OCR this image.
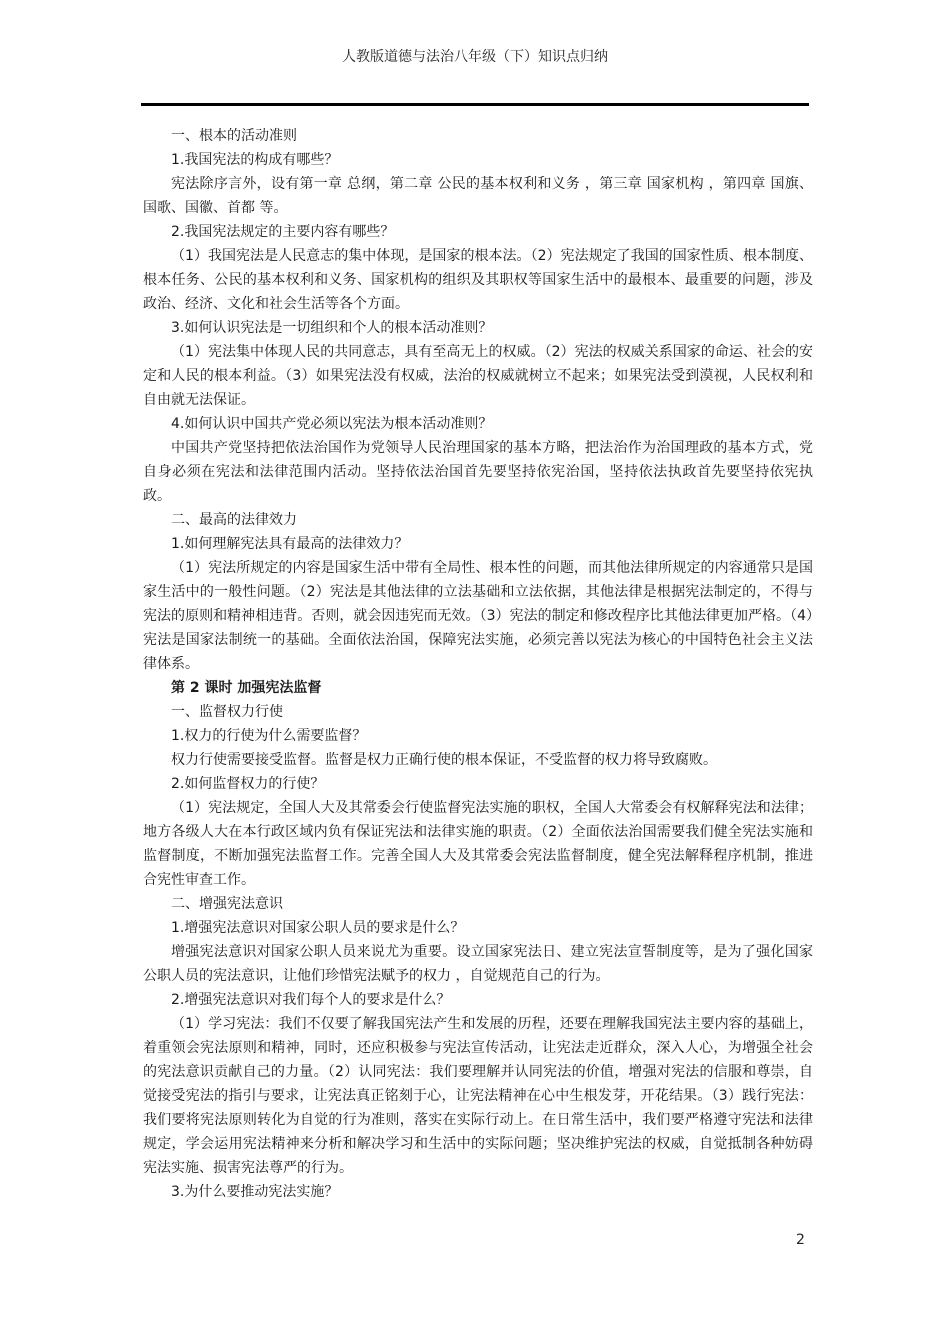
人教版道德与法治八年级（下）知识点归纳

一、根本的活动准则

1.我国宪法的构成有哪些？

宪法除序言外，设有第一章 总纲，第二章 公民的基本权利和义务 ，第三章 国家机构 ，第四章 国旗、国歌、国徽、首都 等。

2.我国宪法规定的主要内容有哪些？

（1）我国宪法是人民意志的集中体现，是国家的根本法。（2）宪法规定了我国的国家性质、根本制度、根本任务、公民的基本权利和义务、国家机构的组织及其职权等国家生活中的最根本、最重要的问题，涉及政治、经济、文化和社会生活等各个方面。

3.如何认识宪法是一切组织和个人的根本活动准则？

（1）宪法集中体现人民的共同意志，具有至高无上的权威。（2）宪法的权威关系国家的命运、社会的安定和人民的根本利益。（3）如果宪法没有权威，法治的权威就树立不起来；如果宪法受到漠视，人民权利和自由就无法保证。

4.如何认识中国共产党必须以宪法为根本活动准则？

中国共产党坚持把依法治国作为党领导人民治理国家的基本方略，把法治作为治国理政的基本方式，党自身必须在宪法和法律范围内活动。坚持依法治国首先要坚持依宪治国，坚持依法执政首先要坚持依宪执政。

二、最高的法律效力

1.如何理解宪法具有最高的法律效力？

（1）宪法所规定的内容是国家生活中带有全局性、根本性的问题，而其他法律所规定的内容通常只是国家生活中的一般性问题。（2）宪法是其他法律的立法基础和立法依据，其他法律是根据宪法制定的，不得与宪法的原则和精神相违背。否则，就会因违宪而无效。（3）宪法的制定和修改程序比其他法律更加严格。（4）宪法是国家法制统一的基础。全面依法治国，保障宪法实施，必须完善以宪法为核心的中国特色社会主义法律体系。

第 2 课时 加强宪法监督

一、监督权力行使

1.权力的行使为什么需要监督？

权力行使需要接受监督。监督是权力正确行使的根本保证，不受监督的权力将导致腐败。

2.如何监督权力的行使？

（1）宪法规定，全国人大及其常委会行使监督宪法实施的职权，全国人大常委会有权解释宪法和法律；地方各级人大在本行政区域内负有保证宪法和法律实施的职责。（2）全面依法治国需要我们健全宪法实施和监督制度，不断加强宪法监督工作。完善全国人大及其常委会宪法监督制度，健全宪法解释程序机制，推进合宪性审查工作。

二、增强宪法意识

1.增强宪法意识对国家公职人员的要求是什么？

增强宪法意识对国家公职人员来说尤为重要。设立国家宪法日、建立宪法宣誓制度等，是为了强化国家公职人员的宪法意识，让他们珍惜宪法赋予的权力 ，自觉规范自己的行为。

2.增强宪法意识对我们每个人的要求是什么？

（1）学习宪法：我们不仅要了解我国宪法产生和发展的历程，还要在理解我国宪法主要内容的基础上，着重领会宪法原则和精神，同时，还应积极参与宪法宣传活动，让宪法走近群众，深入人心，为增强全社会的宪法意识贡献自己的力量。（2）认同宪法：我们要理解并认同宪法的价值，增强对宪法的信服和尊崇，自觉接受宪法的指引与要求，让宪法真正铭刻于心，让宪法精神在心中生根发芽，开花结果。（3）践行宪法：我们要将宪法原则转化为自觉的行为准则，落实在实际行动上。在日常生活中，我们要严格遵守宪法和法律规定，学会运用宪法精神来分析和解决学习和生活中的实际问题；坚决维护宪法的权威，自觉抵制各种妨碍宪法实施、损害宪法尊严的行为。

3.为什么要推动宪法实施？

2
